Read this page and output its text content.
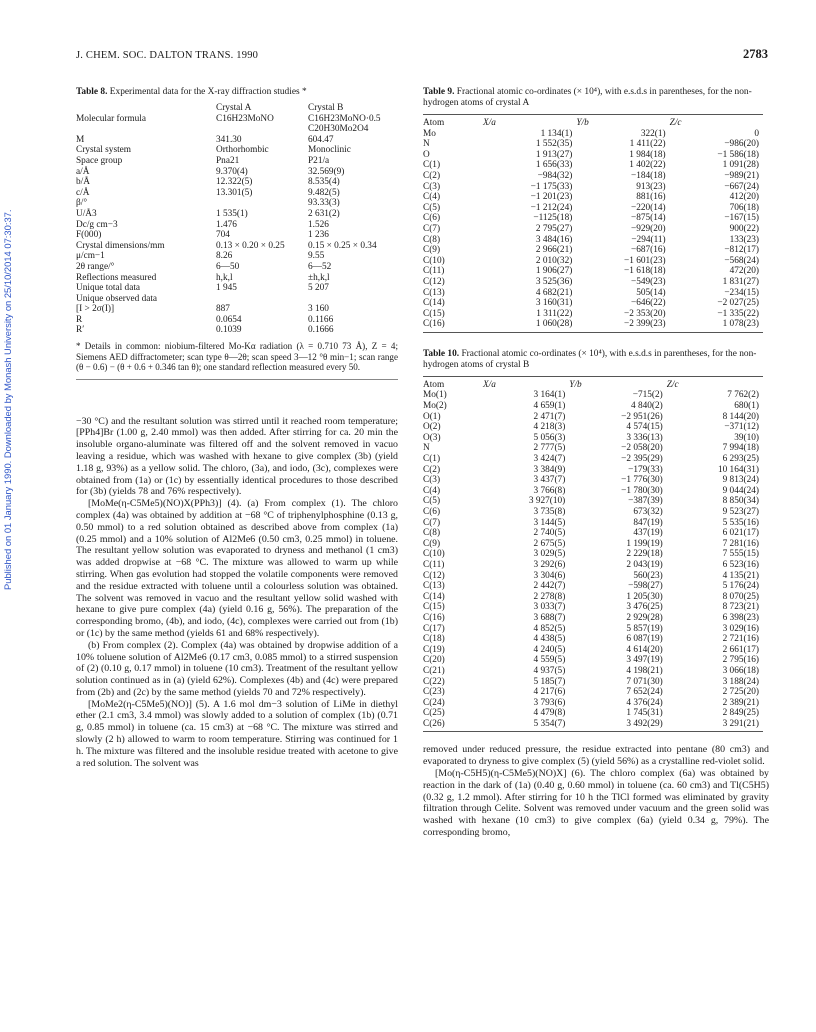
J. CHEM. SOC. DALTON TRANS. 1990	2783
Published on 01 January 1990. Downloaded by Monash University on 25/10/2014 07:30:37.
Table 8. Experimental data for the X-ray diffraction studies *
	Crystal A	Crystal B
Molecular formula	C16H23MoNO	C16H23MoNO·0.5
		C20H30Mo2O4
M	341.30	604.47
Crystal system	Orthorhombic	Monoclinic
Space group	Pna21	P21/a
a/Å	9.370(4)	32.569(9)
b/Å	12.322(5)	8.535(4)
c/Å	13.301(5)	9.482(5)
β/°		93.33(3)
U/Å3	1 535(1)	2 631(2)
Dc/g cm−3	1.476	1.526
F(000)	704	1 236
Crystal dimensions/mm	0.13 × 0.20 × 0.25	0.15 × 0.25 × 0.34
μ/cm−1	8.26	9.55
2θ range/°	6—50	6—52
Reflections measured	h,k,l	±h,k,l
Unique total data	1 945	5 207
Unique observed data		
[I > 2σ(I)]	887	3 160
R	0.0654	0.1166
R′	0.1039	0.1666
* Details in common: niobium-filtered Mo-Kα radiation (λ = 0.710 73 Å), Z = 4; Siemens AED diffractometer; scan type θ—2θ; scan speed 3—12 °θ min−1; scan range (θ − 0.6) − (θ + 0.6 + 0.346 tan θ); one standard reflection measured every 50.

−30 °C) and the resultant solution was stirred until it reached room temperature; [PPh4]Br (1.00 g, 2.40 mmol) was then added. After stirring for ca. 20 min the insoluble organo-aluminate was filtered off and the solvent removed in vacuo leaving a residue, which was washed with hexane to give complex (3b) (yield 1.18 g, 93%) as a yellow solid. The chloro, (3a), and iodo, (3c), complexes were obtained from (1a) or (1c) by essentially identical procedures to those described for (3b) (yields 78 and 76% respectively).

[MoMe(η-C5Me5)(NO)X(PPh3)] (4). (a) From complex (1). The chloro complex (4a) was obtained by addition at −68 °C of triphenylphosphine (0.13 g, 0.50 mmol) to a red solution obtained as described above from complex (1a) (0.25 mmol) and a 10% solution of Al2Me6 (0.50 cm3, 0.25 mmol) in toluene. The resultant yellow solution was evaporated to dryness and methanol (1 cm3) was added dropwise at −68 °C. The mixture was allowed to warm up while stirring. When gas evolution had stopped the volatile components were removed and the residue extracted with toluene until a colourless solution was obtained. The solvent was removed in vacuo and the resultant yellow solid washed with hexane to give pure complex (4a) (yield 0.16 g, 56%). The preparation of the corresponding bromo, (4b), and iodo, (4c), complexes were carried out from (1b) or (1c) by the same method (yields 61 and 68% respectively).

(b) From complex (2). Complex (4a) was obtained by dropwise addition of a 10% toluene solution of Al2Me6 (0.17 cm3, 0.085 mmol) to a stirred suspension of (2) (0.10 g, 0.17 mmol) in toluene (10 cm3). Treatment of the resultant yellow solution continued as in (a) (yield 62%). Complexes (4b) and (4c) were prepared from (2b) and (2c) by the same method (yields 70 and 72% respectively).

[MoMe2(η-C5Me5)(NO)] (5). A 1.6 mol dm−3 solution of LiMe in diethyl ether (2.1 cm3, 3.4 mmol) was slowly added to a solution of complex (1b) (0.71 g, 0.85 mmol) in toluene (ca. 15 cm3) at −68 °C. The mixture was stirred and slowly (2 h) allowed to warm to room temperature. Stirring was continued for 1 h. The mixture was filtered and the insoluble residue treated with acetone to give a red solution. The solvent was

Table 9. Fractional atomic co-ordinates (× 10⁴), with e.s.d.s in parentheses, for the non-hydrogen atoms of crystal A
Atom	X/a	Y/b	Z/c
Mo	1 134(1)	322(1)	0
N	1 552(35)	1 411(22)	−986(20)
O	1 913(27)	1 984(18)	−1 586(18)
C(1)	1 656(33)	1 402(22)	1 091(28)
C(2)	−984(32)	−184(18)	−989(21)
C(3)	−1 175(33)	913(23)	−667(24)
C(4)	−1 201(23)	881(16)	412(20)
C(5)	−1 212(24)	−220(14)	706(18)
C(6)	−1125(18)	−875(14)	−167(15)
C(7)	2 795(27)	−929(20)	900(22)
C(8)	3 484(16)	−294(11)	133(23)
C(9)	2 966(21)	−687(16)	−812(17)
C(10)	2 010(32)	−1 601(23)	−568(24)
C(11)	1 906(27)	−1 618(18)	472(20)
C(12)	3 525(36)	−549(23)	1 831(27)
C(13)	4 682(21)	505(14)	−234(15)
C(14)	3 160(31)	−646(22)	−2 027(25)
C(15)	1 311(22)	−2 353(20)	−1 335(22)
C(16)	1 060(28)	−2 399(23)	1 078(23)
Table 10. Fractional atomic co-ordinates (× 10⁴), with e.s.d.s in parentheses, for the non-hydrogen atoms of crystal B
Atom	X/a	Y/b	Z/c
Mo(1)	3 164(1)	−715(2)	7 762(2)
Mo(2)	4 659(1)	4 840(2)	680(1)
O(1)	2 471(7)	−2 951(26)	8 144(20)
O(2)	4 218(3)	4 574(15)	−371(12)
O(3)	5 056(3)	3 336(13)	39(10)
N	2 777(5)	−2 058(20)	7 994(18)
C(1)	3 424(7)	−2 395(29)	6 293(25)
C(2)	3 384(9)	−179(33)	10 164(31)
C(3)	3 437(7)	−1 776(30)	9 813(24)
C(4)	3 766(8)	−1 780(30)	9 044(24)
C(5)	3 927(10)	−387(39)	8 850(34)
C(6)	3 735(8)	673(32)	9 523(27)
C(7)	3 144(5)	847(19)	5 535(16)
C(8)	2 740(5)	437(19)	6 021(17)
C(9)	2 675(5)	1 199(19)	7 281(16)
C(10)	3 029(5)	2 229(18)	7 555(15)
C(11)	3 292(6)	2 043(19)	6 523(16)
C(12)	3 304(6)	560(23)	4 135(21)
C(13)	2 442(7)	−598(27)	5 176(24)
C(14)	2 278(8)	1 205(30)	8 070(25)
C(15)	3 033(7)	3 476(25)	8 723(21)
C(16)	3 688(7)	2 929(28)	6 398(23)
C(17)	4 852(5)	5 857(19)	3 029(16)
C(18)	4 438(5)	6 087(19)	2 721(16)
C(19)	4 240(5)	4 614(20)	2 661(17)
C(20)	4 559(5)	3 497(19)	2 795(16)
C(21)	4 937(5)	4 198(21)	3 066(18)
C(22)	5 185(7)	7 071(30)	3 188(24)
C(23)	4 217(6)	7 652(24)	2 725(20)
C(24)	3 793(6)	4 376(24)	2 389(21)
C(25)	4 479(8)	1 745(31)	2 849(25)
C(26)	5 354(7)	3 492(29)	3 291(21)

removed under reduced pressure, the residue extracted into pentane (80 cm3) and evaporated to dryness to give complex (5) (yield 56%) as a crystalline red-violet solid.

[Mo(η-C5H5)(η-C5Me5)(NO)X] (6). The chloro complex (6a) was obtained by reaction in the dark of (1a) (0.40 g, 0.60 mmol) in toluene (ca. 60 cm3) and Tl(C5H5) (0.32 g, 1.2 mmol). After stirring for 10 h the TlCl formed was eliminated by gravity filtration through Celite. Solvent was removed under vacuum and the green solid was washed with hexane (10 cm3) to give complex (6a) (yield 0.34 g, 79%). The corresponding bromo,
